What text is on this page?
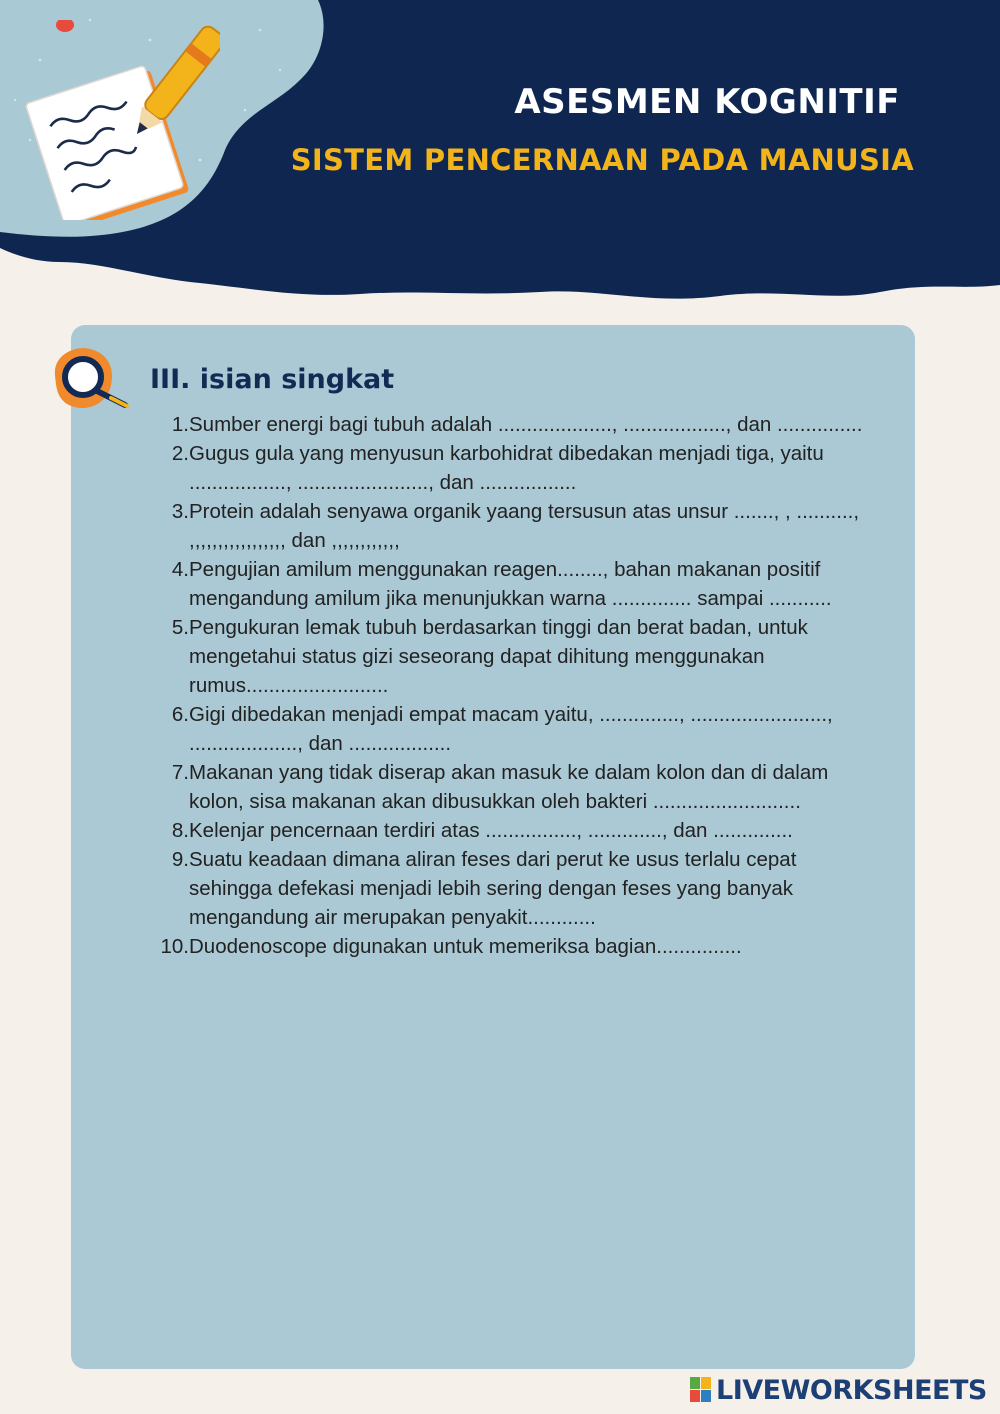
ASESMEN KOGNITIF
SISTEM PENCERNAAN PADA MANUSIA
III. isian singkat
1. Sumber energi bagi tubuh adalah ...................., .................., dan ...............
2. Gugus gula yang menyusun karbohidrat dibedakan menjadi tiga, yaitu ................., ......................., dan .................
3. Protein adalah senyawa organik yaang tersusun atas unsur ......., , .........., ,,,,,,,,,,,,,,,,, dan ,,,,,,,,,,,,
4. Pengujian amilum menggunakan reagen........, bahan makanan positif mengandung amilum jika menunjukkan warna .............. sampai ...........
5. Pengukuran lemak tubuh berdasarkan tinggi dan berat badan, untuk mengetahui status gizi seseorang dapat dihitung menggunakan rumus.........................
6. Gigi dibedakan menjadi empat macam yaitu, .............., ........................, ..................., dan ..................
7. Makanan yang tidak diserap akan masuk ke dalam kolon dan di dalam kolon, sisa makanan akan dibusukkan oleh bakteri ..........................
8. Kelenjar pencernaan terdiri atas ................, ............., dan ..............
9. Suatu keadaan dimana aliran feses dari perut ke usus terlalu cepat sehingga defekasi menjadi lebih sering dengan feses yang banyak mengandung air merupakan penyakit............
10. Duodenoscope digunakan untuk memeriksa bagian...............
LIVEWORKSHEETS
